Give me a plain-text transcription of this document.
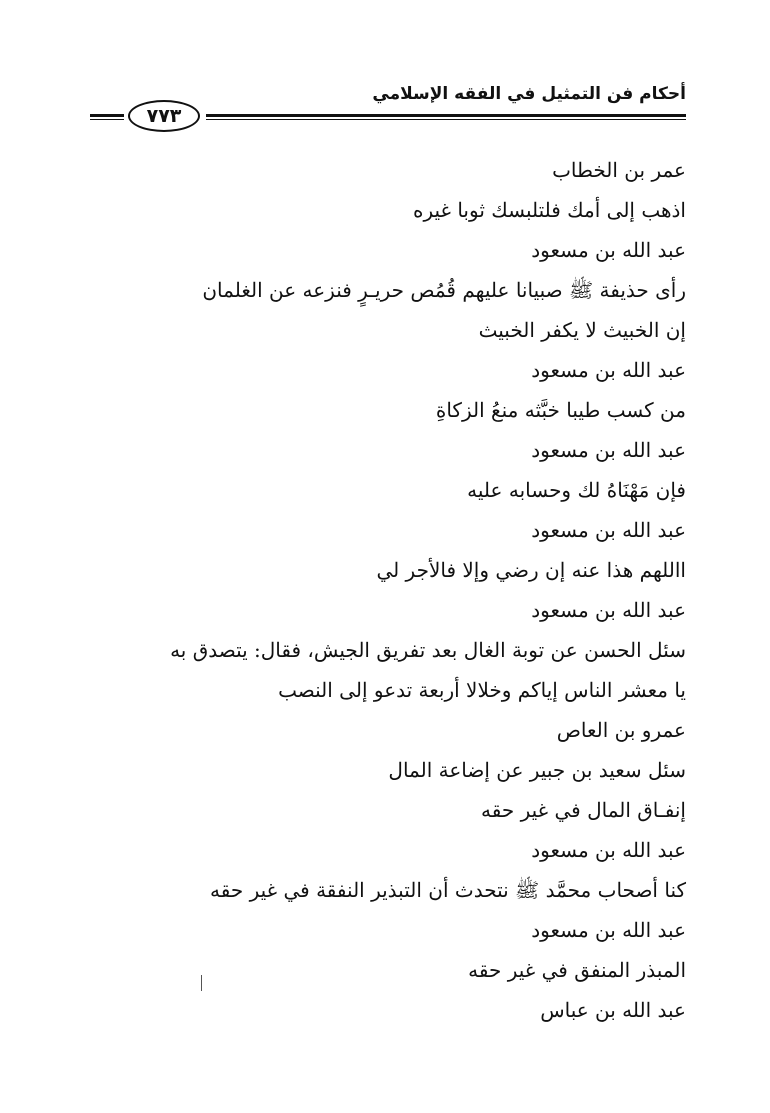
أحكام فن التمثيل في الفقه الإسلامي
٧٧٣
عمر بن الخطاب
اذهب إلى أمك فلتلبسك ثوبا غيره
عبد الله بن مسعود
رأى حذيفة ﷺ صبيانا عليهم قُمُص حريـرٍ فنزعه عن الغلمان
إن الخبيث لا يكفر الخبيث
عبد الله بن مسعود
من كسب طيبا خبَّثه منعُ الزكاةِ
عبد الله بن مسعود
فإن مَهْنَاهُ لك وحسابه عليه
عبد الله بن مسعود
االلهم هذا عنه إن رضي وإلا فالأجر لي
عبد الله بن مسعود
سئل الحسن عن توبة الغال بعد تفريق الجيش، فقال: يتصدق به
يا معشر الناس إياكم وخلالا أربعة تدعو إلى النصب
عمرو بن العاص
سئل سعيد بن جبير عن إضاعة المال
إنفـاق المال في غير حقه
عبد الله بن مسعود
كنا أصحاب محمَّد ﷺ نتحدث أن التبذير النفقة في غير حقه
عبد الله بن مسعود
المبذر المنفق في غير حقه
عبد الله بن عباس
